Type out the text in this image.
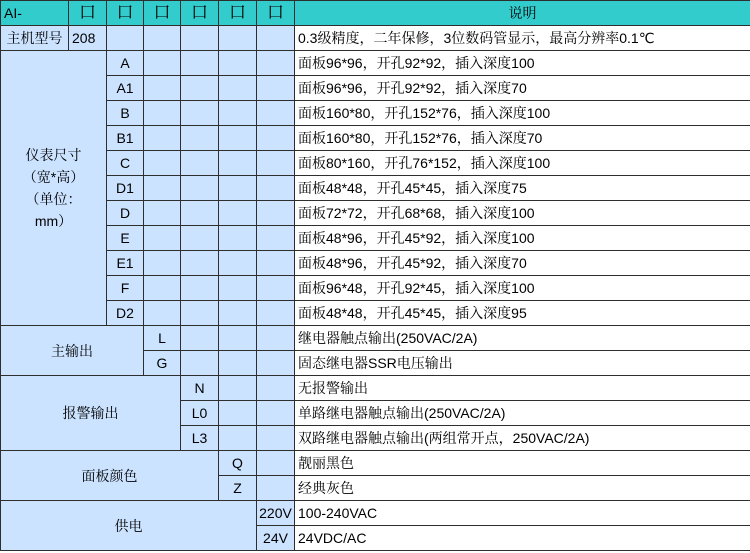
AI-	口	口	口	口	口	口	说明
主机型号	208						0.3级精度，二年保修，3位数码管显示，最高分辨率0.1℃

仪表尺寸
（宽*高）
（单位：
mm）		A					面板96*96，开孔92*92，插入深度100
		A1					面板96*96，开孔92*92，插入深度70
		B					面板160*80，开孔152*76，插入深度100
		B1					面板160*80，开孔152*76，插入深度70
		C					面板80*160，开孔76*152，插入深度100
		D1					面板48*48，开孔45*45，插入深度75
		D					面板72*72，开孔68*68，插入深度100
		E					面板48*96，开孔45*92，插入深度100
		E1					面板48*96，开孔45*92，插入深度70
		F					面板96*48，开孔92*45，插入深度100
		D2					面板48*48，开孔45*45，插入深度95
主输出			L				继电器触点输出(250VAC/2A)
			G				固态继电器SSR电压输出
报警输出				N			无报警输出
				L0			单路继电器触点输出(250VAC/2A)
				L3			双路继电器触点输出(两组常开点，250VAC/2A)
面板颜色					Q		靓丽黑色
					Z		经典灰色
供电						220V	100-240VAC
						24V	24VDC/AC
